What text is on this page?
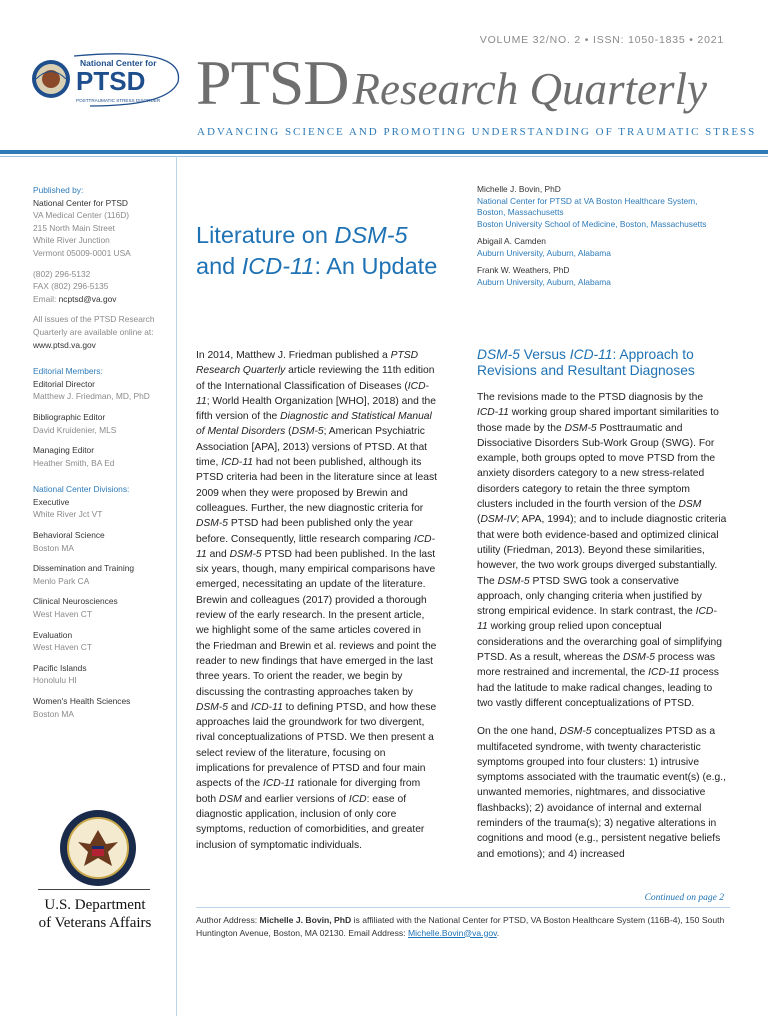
VOLUME 32/NO. 2 • ISSN: 1050-1835 • 2021
National Center for
PTSD
POSTTRAUMATIC STRESS DISORDER PTSDResearch Quarterly
ADVANCING SCIENCE AND PROMOTING UNDERSTANDING OF TRAUMATIC STRESS
Published by:
National Center for PTSD
VA Medical Center (116D)
215 North Main Street
White River Junction
Vermont 05009-0001 USA
(802) 296-5132
FAX (802) 296-5135
Email: ncptsd@va.gov
All issues of the PTSD Research
Quarterly are available online at:
www.ptsd.va.gov
Editorial Members:
Editorial Director
Matthew J. Friedman, MD, PhD
Bibliographic Editor
David Kruidenier, MLS
Managing Editor
Heather Smith, BA Ed
National Center Divisions:
Executive
White River Jct VT
Behavioral Science
Boston MA
Dissemination and Training
Menlo Park CA
Clinical Neurosciences
West Haven CT
Evaluation
West Haven CT
Pacific Islands
Honolulu HI
Women's Health Sciences
Boston MA
U.S. Department
of Veterans Affairs
Literature on DSM-5
and ICD-11: An Update
Michelle J. Bovin, PhD
National Center for PTSD at VA Boston Healthcare System,
Boston, Massachusetts
Boston University School of Medicine, Boston, Massachusetts
Abigail A. Camden
Auburn University, Auburn, Alabama
Frank W. Weathers, PhD
Auburn University, Auburn, Alabama

In 2014, Matthew J. Friedman published a PTSD Research Quarterly article reviewing the 11th edition of the International Classification of Diseases (ICD-11; World Health Organization [WHO], 2018) and the fifth version of the Diagnostic and Statistical Manual of Mental Disorders (DSM-5; American Psychiatric Association [APA], 2013) versions of PTSD. At that time, ICD-11 had not been published, although its PTSD criteria had been in the literature since at least 2009 when they were proposed by Brewin and colleagues. Further, the new diagnostic criteria for DSM-5 PTSD had been published only the year before. Consequently, little research comparing ICD-11 and DSM-5 PTSD had been published. In the last six years, though, many empirical comparisons have emerged, necessitating an update of the literature. Brewin and colleagues (2017) provided a thorough review of the early research. In the present article, we highlight some of the same articles covered in the Friedman and Brewin et al. reviews and point the reader to new findings that have emerged in the last three years. To orient the reader, we begin by discussing the contrasting approaches taken by DSM-5 and ICD-11 to defining PTSD, and how these approaches laid the groundwork for two divergent, rival conceptualizations of PTSD. We then present a select review of the literature, focusing on implications for prevalence of PTSD and four main aspects of the ICD-11 rationale for diverging from both DSM and earlier versions of ICD: ease of diagnostic application, inclusion of only core symptoms, reduction of comorbidities, and greater inclusion of symptomatic individuals.

DSM-5 Versus ICD-11: Approach to Revisions and Resultant Diagnoses

The revisions made to the PTSD diagnosis by the ICD-11 working group shared important similarities to those made by the DSM-5 Posttraumatic and Dissociative Disorders Sub-Work Group (SWG). For example, both groups opted to move PTSD from the anxiety disorders category to a new stress-related disorders category to retain the three symptom clusters included in the fourth version of the DSM (DSM-IV; APA, 1994); and to include diagnostic criteria that were both evidence-based and optimized clinical utility (Friedman, 2013). Beyond these similarities, however, the two work groups diverged substantially. The DSM-5 PTSD SWG took a conservative approach, only changing criteria when justified by strong empirical evidence. In stark contrast, the ICD-11 working group relied upon conceptual considerations and the overarching goal of simplifying PTSD. As a result, whereas the DSM-5 process was more restrained and incremental, the ICD-11 process had the latitude to make radical changes, leading to two vastly different conceptualizations of PTSD.

On the one hand, DSM-5 conceptualizes PTSD as a multifaceted syndrome, with twenty characteristic symptoms grouped into four clusters: 1) intrusive symptoms associated with the traumatic event(s) (e.g., unwanted memories, nightmares, and dissociative flashbacks); 2) avoidance of internal and external reminders of the trauma(s); 3) negative alterations in cognitions and mood (e.g., persistent negative beliefs and emotions); and 4) increased

Continued on page 2
Author Address: Michelle J. Bovin, PhD is affiliated with the National Center for PTSD, VA Boston Healthcare System (116B-4), 150 South Huntington Avenue, Boston, MA 02130. Email Address: Michelle.Bovin@va.gov.
